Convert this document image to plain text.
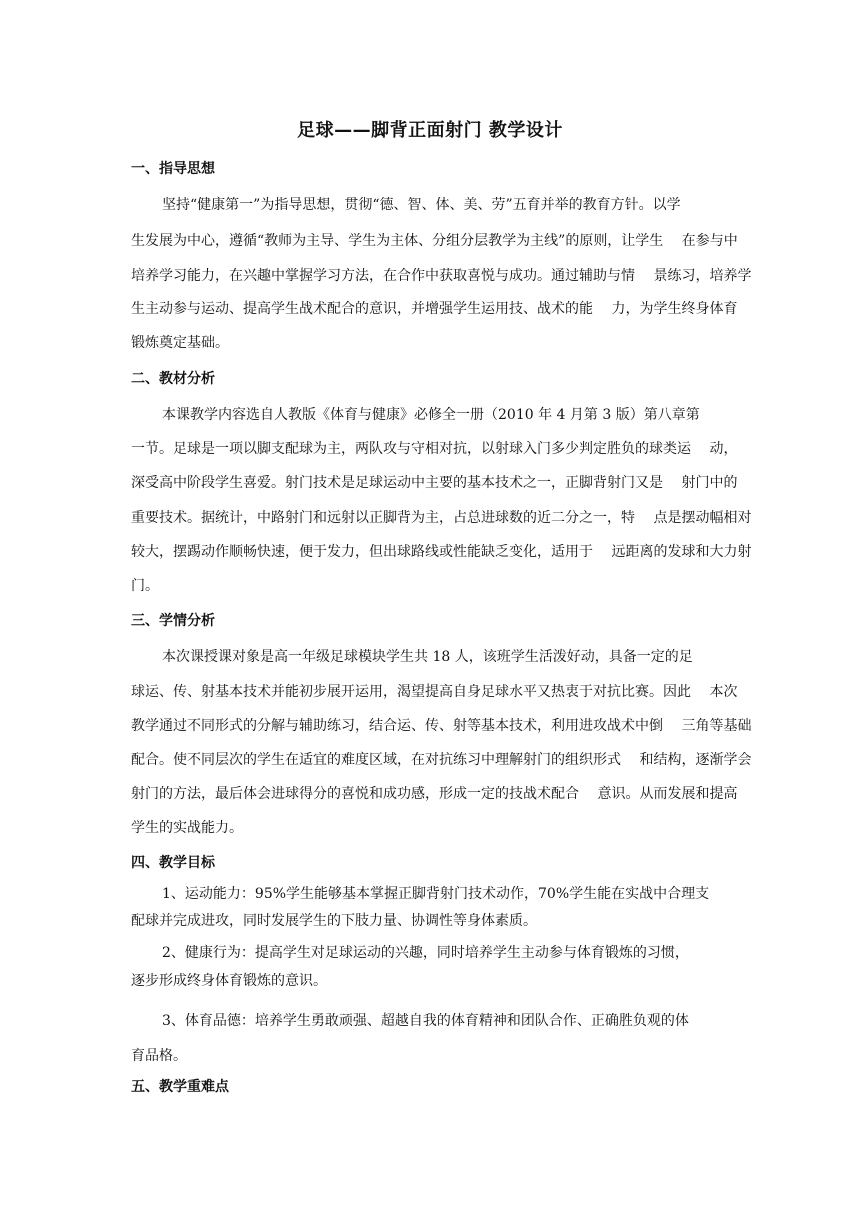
足球——脚背正面射门 教学设计
一、指导思想
坚持“健康第一”为指导思想，贯彻“德、智、体、美、劳”五育并举的教育方针。以学
生发展为中心，遵循“教师为主导、学生为主体、分组分层教学为主线”的原则，让学生　 在参与中
培养学习能力，在兴趣中掌握学习方法，在合作中获取喜悦与成功。通过辅助与情　 景练习，培养学
生主动参与运动、提高学生战术配合的意识，并增强学生运用技、战术的能　 力，为学生终身体育
锻炼奠定基础。
二、教材分析
本课教学内容选自人教版《体育与健康》必修全一册（2010 年 4 月第 3 版）第八章第
一节。足球是一项以脚支配球为主，两队攻与守相对抗，以射球入门多少判定胜负的球类运　 动，
深受高中阶段学生喜爱。射门技术是足球运动中主要的基本技术之一，正脚背射门又是　 射门中的
重要技术。据统计，中路射门和远射以正脚背为主，占总进球数的近二分之一，特　 点是摆动幅相对
较大，摆踢动作顺畅快速，便于发力，但出球路线或性能缺乏变化，适用于　 远距离的发球和大力射
门。
三、学情分析
本次课授课对象是高一年级足球模块学生共 18 人，该班学生活泼好动，具备一定的足
球运、传、射基本技术并能初步展开运用，渴望提高自身足球水平又热衷于对抗比赛。因此　 本次
教学通过不同形式的分解与辅助练习，结合运、传、射等基本技术，利用进攻战术中倒　 三角等基础
配合。使不同层次的学生在适宜的难度区域，在对抗练习中理解射门的组织形式　 和结构，逐渐学会
射门的方法，最后体会进球得分的喜悦和成功感，形成一定的技战术配合　 意识。从而发展和提高
学生的实战能力。
四、教学目标
1、运动能力：95%学生能够基本掌握正脚背射门技术动作，70%学生能在实战中合理支
配球并完成进攻，同时发展学生的下肢力量、协调性等身体素质。
2、健康行为：提高学生对足球运动的兴趣，同时培养学生主动参与体育锻炼的习惯，
逐步形成终身体育锻炼的意识。
3、体育品德：培养学生勇敢顽强、超越自我的体育精神和团队合作、正确胜负观的体
育品格。
五、教学重难点
